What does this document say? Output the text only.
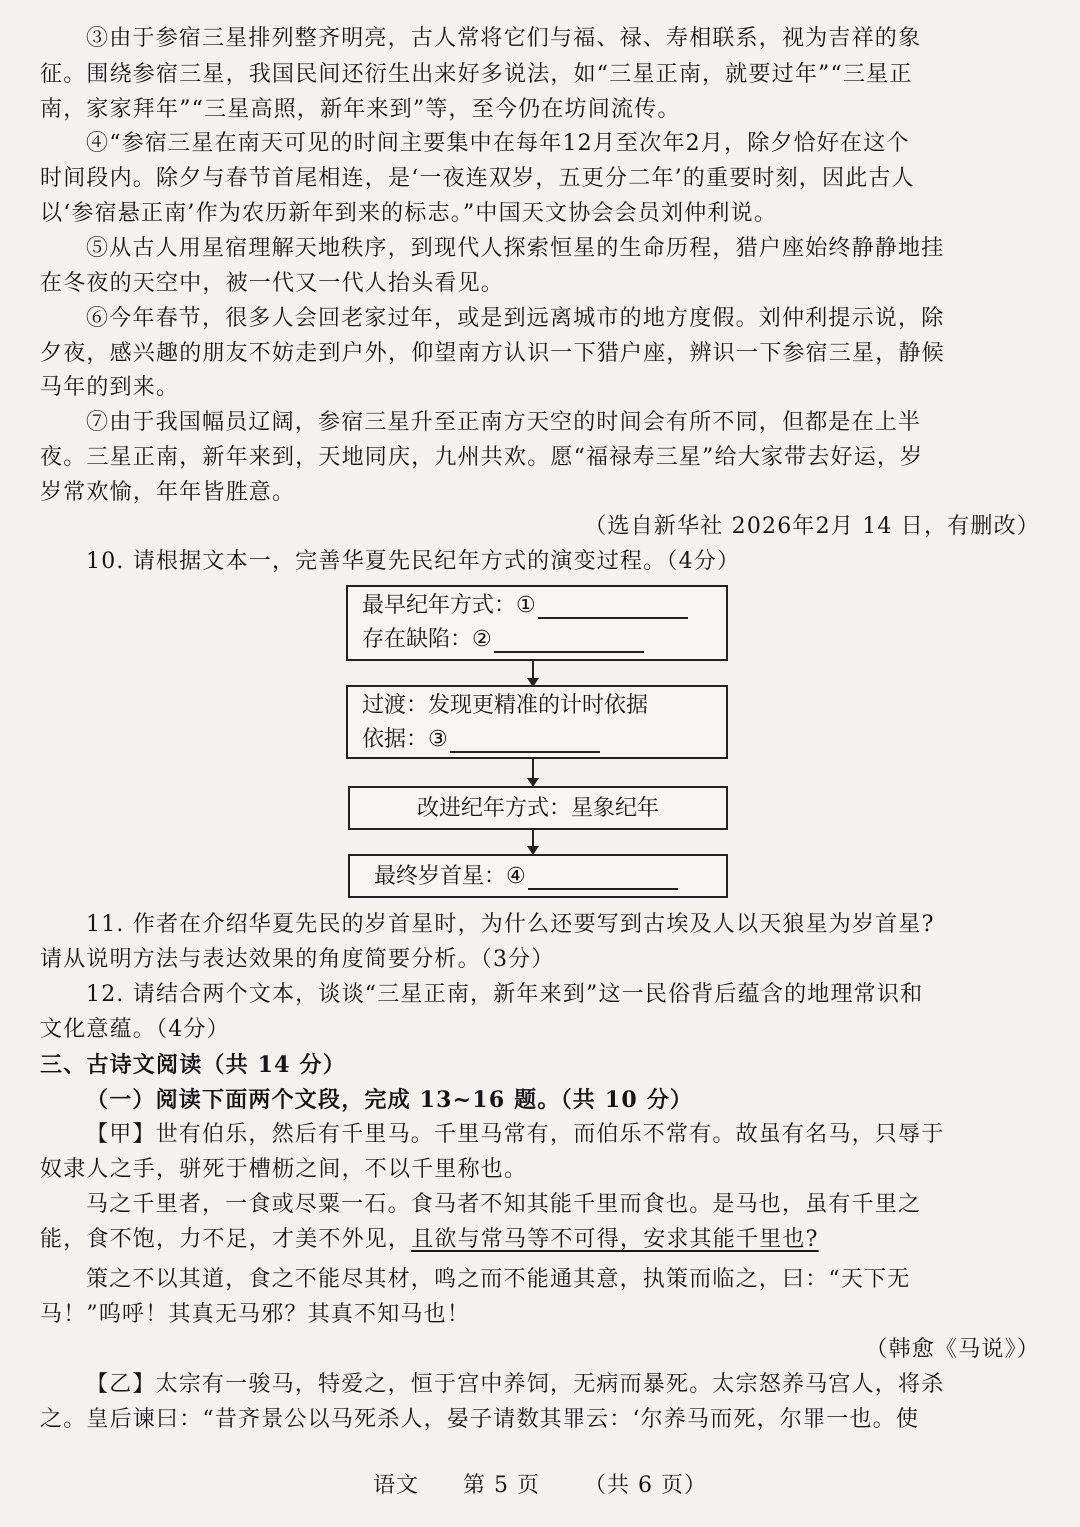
③由于参宿三星排列整齐明亮，古人常将它们与福、禄、寿相联系，视为吉祥的象
征。围绕参宿三星，我国民间还衍生出来好多说法，如“三星正南，就要过年”“三星正
南，家家拜年”“三星高照，新年来到”等，至今仍在坊间流传。
④“参宿三星在南天可见的时间主要集中在每年12月至次年2月，除夕恰好在这个
时间段内。除夕与春节首尾相连，是‘一夜连双岁，五更分二年’的重要时刻，因此古人
以‘参宿悬正南’作为农历新年到来的标志。”中国天文协会会员刘仲利说。
⑤从古人用星宿理解天地秩序，到现代人探索恒星的生命历程，猎户座始终静静地挂
在冬夜的天空中，被一代又一代人抬头看见。
⑥今年春节，很多人会回老家过年，或是到远离城市的地方度假。刘仲利提示说，除
夕夜，感兴趣的朋友不妨走到户外，仰望南方认识一下猎户座，辨识一下参宿三星，静候
马年的到来。
⑦由于我国幅员辽阔，参宿三星升至正南方天空的时间会有所不同，但都是在上半
夜。三星正南，新年来到，天地同庆，九州共欢。愿“福禄寿三星”给大家带去好运，岁
岁常欢愉，年年皆胜意。
（选自新华社 2026年2月 14 日，有删改）
10. 请根据文本一，完善华夏先民纪年方式的演变过程。（4分）
最早纪年方式：①
存在缺陷：②
过渡：发现更精准的计时依据
依据：③
改进纪年方式：星象纪年
最终岁首星：④
11. 作者在介绍华夏先民的岁首星时，为什么还要写到古埃及人以天狼星为岁首星?
请从说明方法与表达效果的角度简要分析。（3分）
12. 请结合两个文本，谈谈“三星正南，新年来到”这一民俗背后蕴含的地理常识和
文化意蕴。（4分）
三、古诗文阅读（共 14 分）
（一）阅读下面两个文段，完成 13~16 题。（共 10 分）
【甲】世有伯乐，然后有千里马。千里马常有，而伯乐不常有。故虽有名马，只辱于
奴隶人之手，骈死于槽枥之间，不以千里称也。
马之千里者，一食或尽粟一石。食马者不知其能千里而食也。是马也，虽有千里之
能，食不饱，力不足，才美不外见，且欲与常马等不可得，安求其能千里也?
策之不以其道，食之不能尽其材，鸣之而不能通其意，执策而临之，曰：“天下无
马！”呜呼！其真无马邪？其真不知马也！
（韩愈《马说》）
【乙】太宗有一骏马，特爱之，恒于宫中养饲，无病而暴死。太宗怒养马宫人，将杀
之。皇后谏曰：“昔齐景公以马死杀人，晏子请数其罪云：‘尔养马而死，尔罪一也。使
语文 第 5 页 （共 6 页）
